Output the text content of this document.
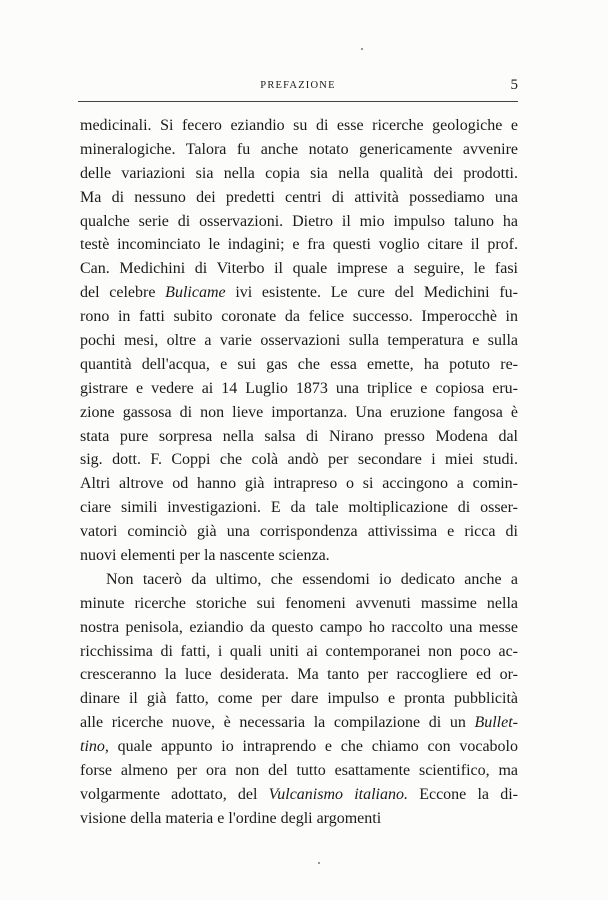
PREFAZIONE	5
medicinali. Si fecero eziandio su di esse ricerche geologiche e
mineralogiche. Talora fu anche notato genericamente avvenire
delle variazioni sia nella copia sia nella qualità dei prodotti.
Ma di nessuno dei predetti centri di attività possediamo una
qualche serie di osservazioni. Dietro il mio impulso taluno ha
testè incominciato le indagini; e fra questi voglio citare il prof.
Can. Medichini di Viterbo il quale imprese a seguire, le fasi
del celebre Bulicame ivi esistente. Le cure del Medichini fu-
rono in fatti subito coronate da felice successo. Imperocchè in
pochi mesi, oltre a varie osservazioni sulla temperatura e sulla
quantità dell'acqua, e sui gas che essa emette, ha potuto re-
gistrare e vedere ai 14 Luglio 1873 una triplice e copiosa eru-
zione gassosa di non lieve importanza. Una eruzione fangosa è
stata pure sorpresa nella salsa di Nirano presso Modena dal
sig. dott. F. Coppi che colà andò per secondare i miei studi.
Altri altrove od hanno già intrapreso o si accingono a comin-
ciare simili investigazioni. E da tale moltiplicazione di osser-
vatori cominciò già una corrispondenza attivissima e ricca di
nuovi elementi per la nascente scienza.
Non tacerò da ultimo, che essendomi io dedicato anche a
minute ricerche storiche sui fenomeni avvenuti massime nella
nostra penisola, eziandio da questo campo ho raccolto una messe
ricchissima di fatti, i quali uniti ai contemporanei non poco ac-
cresceranno la luce desiderata. Ma tanto per raccogliere ed or-
dinare il già fatto, come per dare impulso e pronta pubblicità
alle ricerche nuove, è necessaria la compilazione di un Bullet-
tino, quale appunto io intraprendo e che chiamo con vocabolo
forse almeno per ora non del tutto esattamente scientifico, ma
volgarmente adottato, del Vulcanismo italiano. Eccone la di-
visione della materia e l'ordine degli argomenti
